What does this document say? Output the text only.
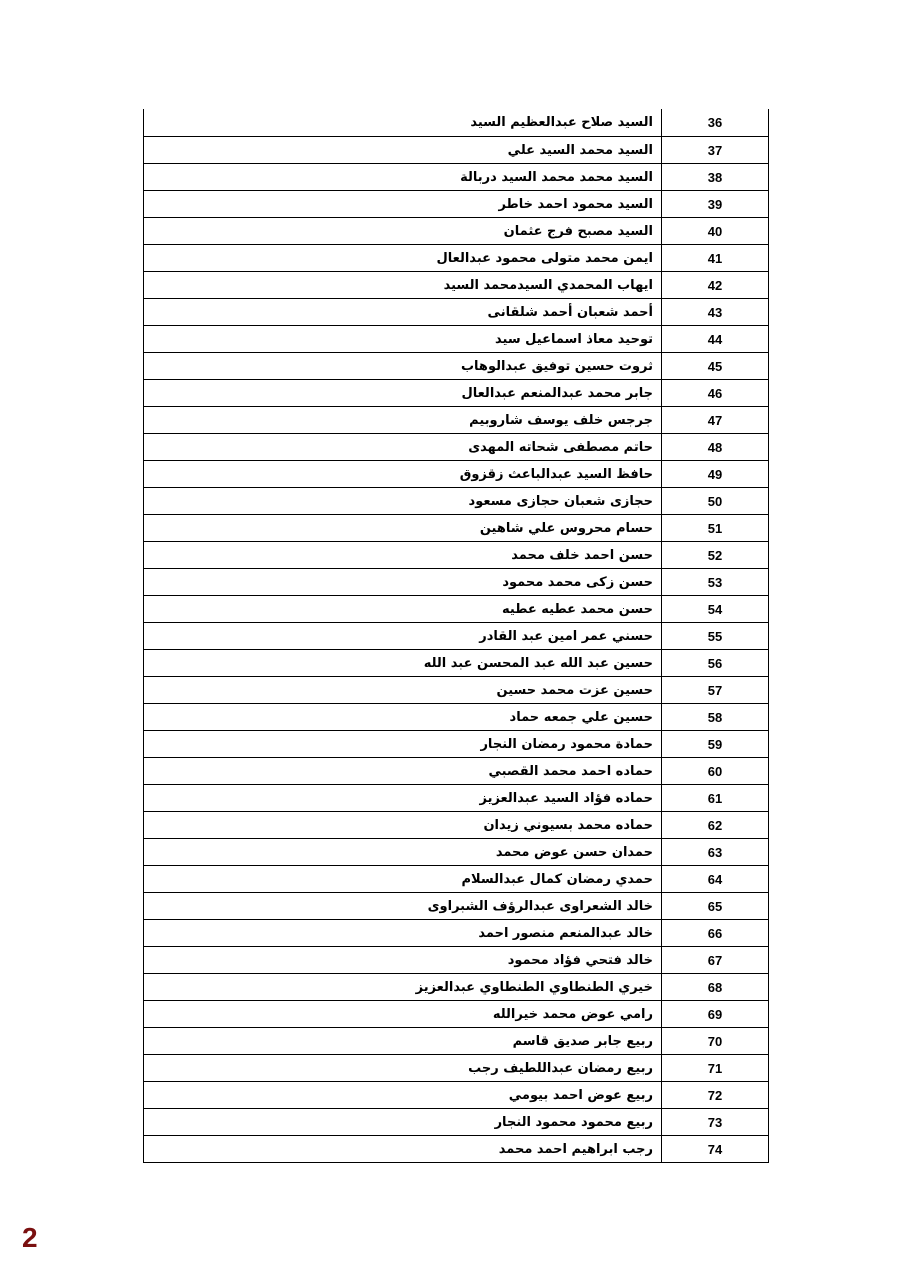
36	السيد صلاح عبدالعظيم السيد
37	السيد محمد السيد علي
38	السيد محمد محمد السيد دربالة
39	السيد محمود احمد خاطر
40	السيد مصبح فرج عثمان
41	ايمن محمد متولى محمود عبدالعال
42	ايهاب المحمدي السيدمحمد السيد
43	أحمد شعبان أحمد شلقانى
44	توحيد معاذ اسماعيل سيد
45	ثروت حسين توفيق عبدالوهاب
46	جابر محمد عبدالمنعم عبدالعال
47	جرجس خلف يوسف شاروبيم
48	حاتم مصطفى شحاته المهدى
49	حافظ السيد عبدالباعث زقزوق
50	حجازى شعبان حجازى مسعود
51	حسام محروس علي شاهين
52	حسن احمد خلف محمد
53	حسن زكى محمد محمود
54	حسن محمد عطيه عطيه
55	حسني عمر امين عبد القادر
56	حسين عبد الله عبد المحسن عبد الله
57	حسين عزت محمد حسين
58	حسين علي جمعه حماد
59	حمادة محمود رمضان النجار
60	حماده احمد محمد القصبي
61	حماده فؤاد السيد عبدالعزيز
62	حماده محمد بسيوني زيدان
63	حمدان حسن عوض محمد
64	حمدي رمضان كمال عبدالسلام
65	خالد الشعراوى عبدالرؤف الشبراوى
66	خالد عبدالمنعم منصور احمد
67	خالد فتحي فؤاد محمود
68	خيري الطنطاوي الطنطاوي عبدالعزيز
69	رامي عوض محمد خيرالله
70	ربيع جابر صديق قاسم
71	ربيع رمضان عبداللطيف رجب
72	ربيع عوض احمد بيومي
73	ربيع محمود محمود النجار
74	رجب ابراهيم احمد محمد
2
